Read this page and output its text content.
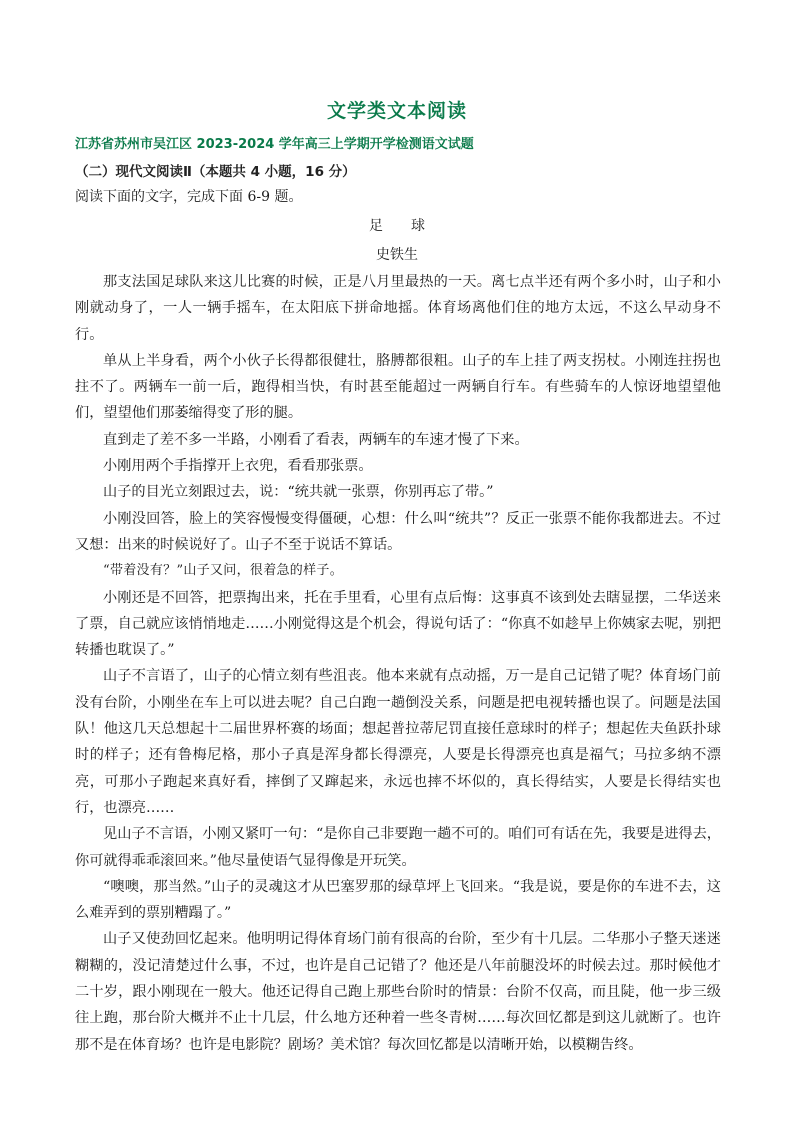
文学类文本阅读
江苏省苏州市吴江区 2023-2024 学年高三上学期开学检测语文试题
（二）现代文阅读Ⅱ（本题共 4 小题，16 分）
阅读下面的文字，完成下面 6-9 题。
足球
史铁生

那支法国足球队来这儿比赛的时候，正是八月里最热的一天。离七点半还有两个多小时，山子和小刚就动身了，一人一辆手摇车，在太阳底下拼命地摇。体育场离他们住的地方太远，不这么早动身不行。

单从上半身看，两个小伙子长得都很健壮，胳膊都很粗。山子的车上挂了两支拐杖。小刚连拄拐也拄不了。两辆车一前一后，跑得相当快，有时甚至能超过一两辆自行车。有些骑车的人惊讶地望望他们，望望他们那萎缩得变了形的腿。

直到走了差不多一半路，小刚看了看表，两辆车的车速才慢了下来。

小刚用两个手指撑开上衣兜，看看那张票。

山子的目光立刻跟过去，说：“统共就一张票，你别再忘了带。”

小刚没回答，脸上的笑容慢慢变得僵硬，心想：什么叫“统共”？反正一张票不能你我都进去。不过又想：出来的时候说好了。山子不至于说话不算话。

“带着没有？”山子又问，很着急的样子。

小刚还是不回答，把票掏出来，托在手里看，心里有点后悔：这事真不该到处去瞎显摆，二华送来了票，自己就应该悄悄地走……小刚觉得这是个机会，得说句话了：“你真不如趁早上你姨家去呢，别把转播也耽误了。”

山子不言语了，山子的心情立刻有些沮丧。他本来就有点动摇，万一是自己记错了呢？体育场门前没有台阶，小刚坐在车上可以进去呢？自己白跑一趟倒没关系，问题是把电视转播也误了。问题是法国队！他这几天总想起十二届世界杯赛的场面；想起普拉蒂尼罚直接任意球时的样子；想起佐夫鱼跃扑球时的样子；还有鲁梅尼格，那小子真是浑身都长得漂亮，人要是长得漂亮也真是福气；马拉多纳不漂亮，可那小子跑起来真好看，摔倒了又蹿起来，永远也摔不坏似的，真长得结实，人要是长得结实也行，也漂亮……

见山子不言语，小刚又紧叮一句：“是你自己非要跑一趟不可的。咱们可有话在先，我要是进得去，你可就得乖乖滚回来。”他尽量使语气显得像是开玩笑。

“噢噢，那当然。”山子的灵魂这才从巴塞罗那的绿草坪上飞回来。“我是说，要是你的车进不去，这么难弄到的票别糟蹋了。”

山子又使劲回忆起来。他明明记得体育场门前有很高的台阶，至少有十几层。二华那小子整天迷迷糊糊的，没记清楚过什么事，不过，也许是自己记错了？他还是八年前腿没坏的时候去过。那时候他才二十岁，跟小刚现在一般大。他还记得自己跑上那些台阶时的情景：台阶不仅高，而且陡，他一步三级往上跑，那台阶大概并不止十几层，什么地方还种着一些冬青树……每次回忆都是到这儿就断了。也许那不是在体育场？也许是电影院？剧场？美术馆？每次回忆都是以清晰开始，以模糊告终。
